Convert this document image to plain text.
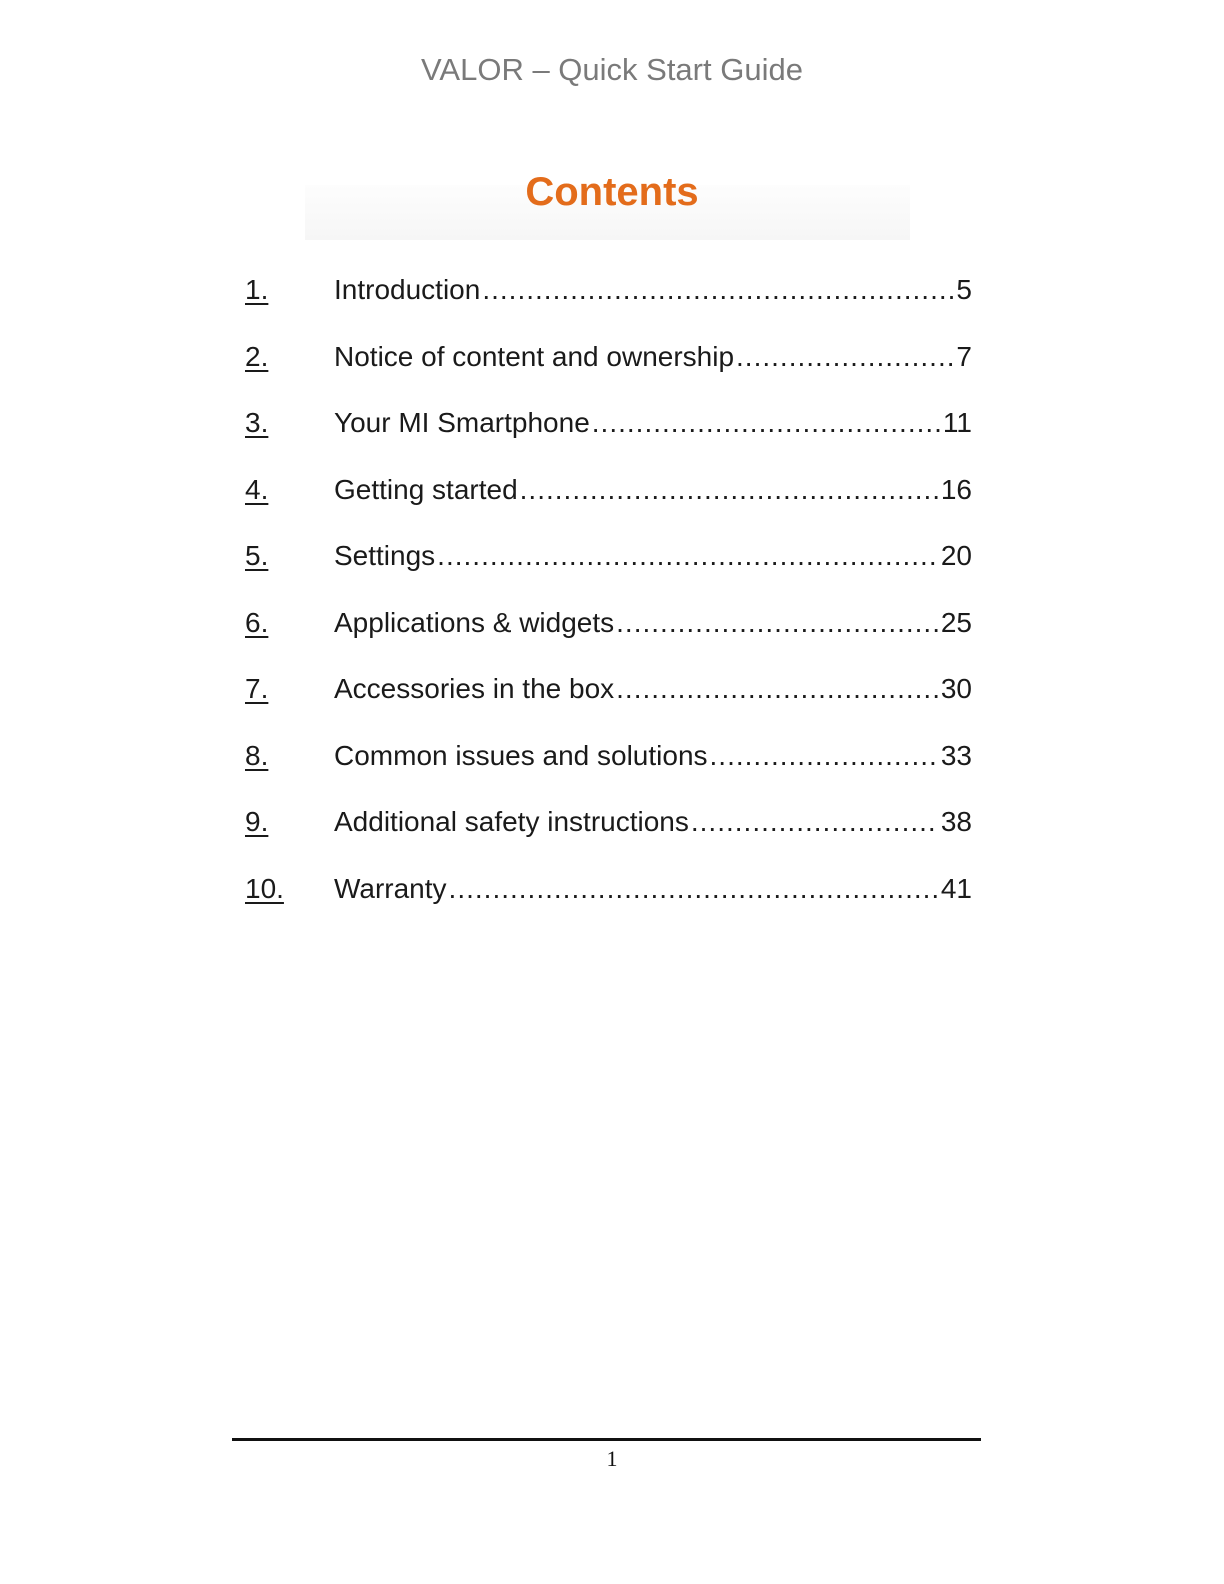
VALOR – Quick Start Guide
Contents
1.	Introduction .....	5
2.	Notice of content and ownership .....	7
3.	Your MI Smartphone .....	11
4.	Getting started .....	16
5.	Settings .....	20
6.	Applications & widgets .....	25
7.	Accessories in the box .....	30
8.	Common issues and solutions .....	33
9.	Additional safety instructions .....	38
10.	Warranty .....	41
1
